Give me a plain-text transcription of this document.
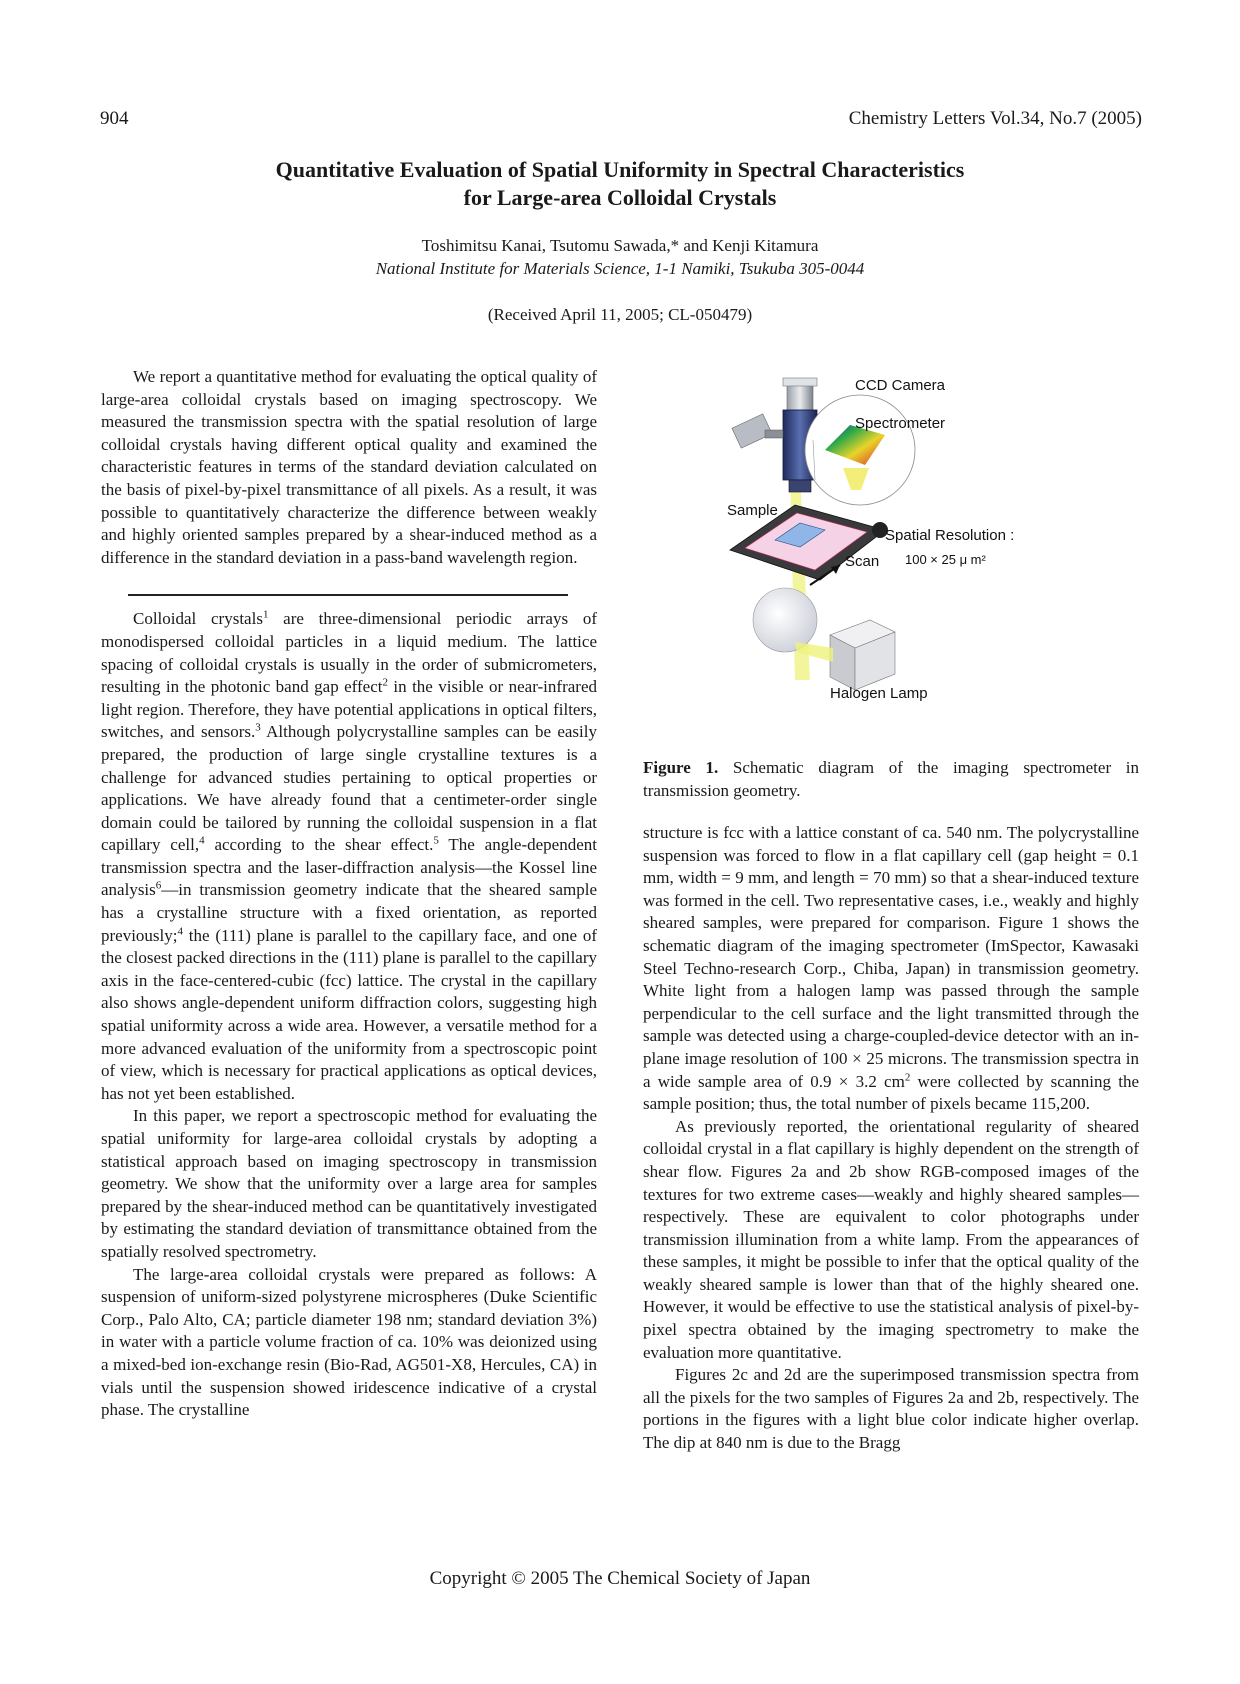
904	Chemistry Letters Vol.34, No.7 (2005)
Quantitative Evaluation of Spatial Uniformity in Spectral Characteristics
for Large-area Colloidal Crystals
Toshimitsu Kanai, Tsutomu Sawada,* and Kenji Kitamura
National Institute for Materials Science, 1-1 Namiki, Tsukuba 305-0044
(Received April 11, 2005; CL-050479)

We report a quantitative method for evaluating the optical quality of large-area colloidal crystals based on imaging spectroscopy. We measured the transmission spectra with the spatial resolution of large colloidal crystals having different optical quality and examined the characteristic features in terms of the standard deviation calculated on the basis of pixel-by-pixel transmittance of all pixels. As a result, it was possible to quantitatively characterize the difference between weakly and highly oriented samples prepared by a shear-induced method as a difference in the standard deviation in a pass-band wavelength region.

Colloidal crystals$^1$ are three-dimensional periodic arrays of monodispersed colloidal particles in a liquid medium. The lattice spacing of colloidal crystals is usually in the order of submicrometers, resulting in the photonic band gap effect$^2$ in the visible or near-infrared light region. Therefore, they have potential applications in optical filters, switches, and sensors.$^3$ Although polycrystalline samples can be easily prepared, the production of large single crystalline textures is a challenge for advanced studies pertaining to optical properties or applications. We have already found that a centimeter-order single domain could be tailored by running the colloidal suspension in a flat capillary cell,$^4$ according to the shear effect.$^5$ The angle-dependent transmission spectra and the laser-diffraction analysis—the Kossel line analysis$^6$—in transmission geometry indicate that the sheared sample has a crystalline structure with a fixed orientation, as reported previously;$^4$ the (111) plane is parallel to the capillary face, and one of the closest packed directions in the (111) plane is parallel to the capillary axis in the face-centered-cubic (fcc) lattice. The crystal in the capillary also shows angle-dependent uniform diffraction colors, suggesting high spatial uniformity across a wide area. However, a versatile method for a more advanced evaluation of the uniformity from a spectroscopic point of view, which is necessary for practical applications as optical devices, has not yet been established.

In this paper, we report a spectroscopic method for evaluating the spatial uniformity for large-area colloidal crystals by adopting a statistical approach based on imaging spectroscopy in transmission geometry. We show that the uniformity over a large area for samples prepared by the shear-induced method can be quantitatively investigated by estimating the standard deviation of transmittance obtained from the spatially resolved spectrometry.

The large-area colloidal crystals were prepared as follows: A suspension of uniform-sized polystyrene microspheres (Duke Scientific Corp., Palo Alto, CA; particle diameter 198 nm; standard deviation 3%) in water with a particle volume fraction of ca. 10% was deionized using a mixed-bed ion-exchange resin (Bio-Rad, AG501-X8, Hercules, CA) in vials until the suspension showed iridescence indicative of a crystal phase. The crystalline

CCD Camera
Spectrometer
Sample
Spatial Resolution :
100 × 25 μ m²
Scan
Halogen Lamp
Figure 1. Schematic diagram of the imaging spectrometer in transmission geometry.

structure is fcc with a lattice constant of ca. 540 nm. The polycrystalline suspension was forced to flow in a flat capillary cell (gap height = 0.1 mm, width = 9 mm, and length = 70 mm) so that a shear-induced texture was formed in the cell. Two representative cases, i.e., weakly and highly sheared samples, were prepared for comparison. Figure 1 shows the schematic diagram of the imaging spectrometer (ImSpector, Kawasaki Steel Techno-research Corp., Chiba, Japan) in transmission geometry. White light from a halogen lamp was passed through the sample perpendicular to the cell surface and the light transmitted through the sample was detected using a charge-coupled-device detector with an in-plane image resolution of 100 × 25 microns. The transmission spectra in a wide sample area of 0.9 × 3.2 $cm^2$ were collected by scanning the sample position; thus, the total number of pixels became 115,200.

As previously reported, the orientational regularity of sheared colloidal crystal in a flat capillary is highly dependent on the strength of shear flow. Figures 2a and 2b show RGB-composed images of the textures for two extreme cases—weakly and highly sheared samples—respectively. These are equivalent to color photographs under transmission illumination from a white lamp. From the appearances of these samples, it might be possible to infer that the optical quality of the weakly sheared sample is lower than that of the highly sheared one. However, it would be effective to use the statistical analysis of pixel-by-pixel spectra obtained by the imaging spectrometry to make the evaluation more quantitative.

Figures 2c and 2d are the superimposed transmission spectra from all the pixels for the two samples of Figures 2a and 2b, respectively. The portions in the figures with a light blue color indicate higher overlap. The dip at 840 nm is due to the Bragg

Copyright © 2005 The Chemical Society of Japan
